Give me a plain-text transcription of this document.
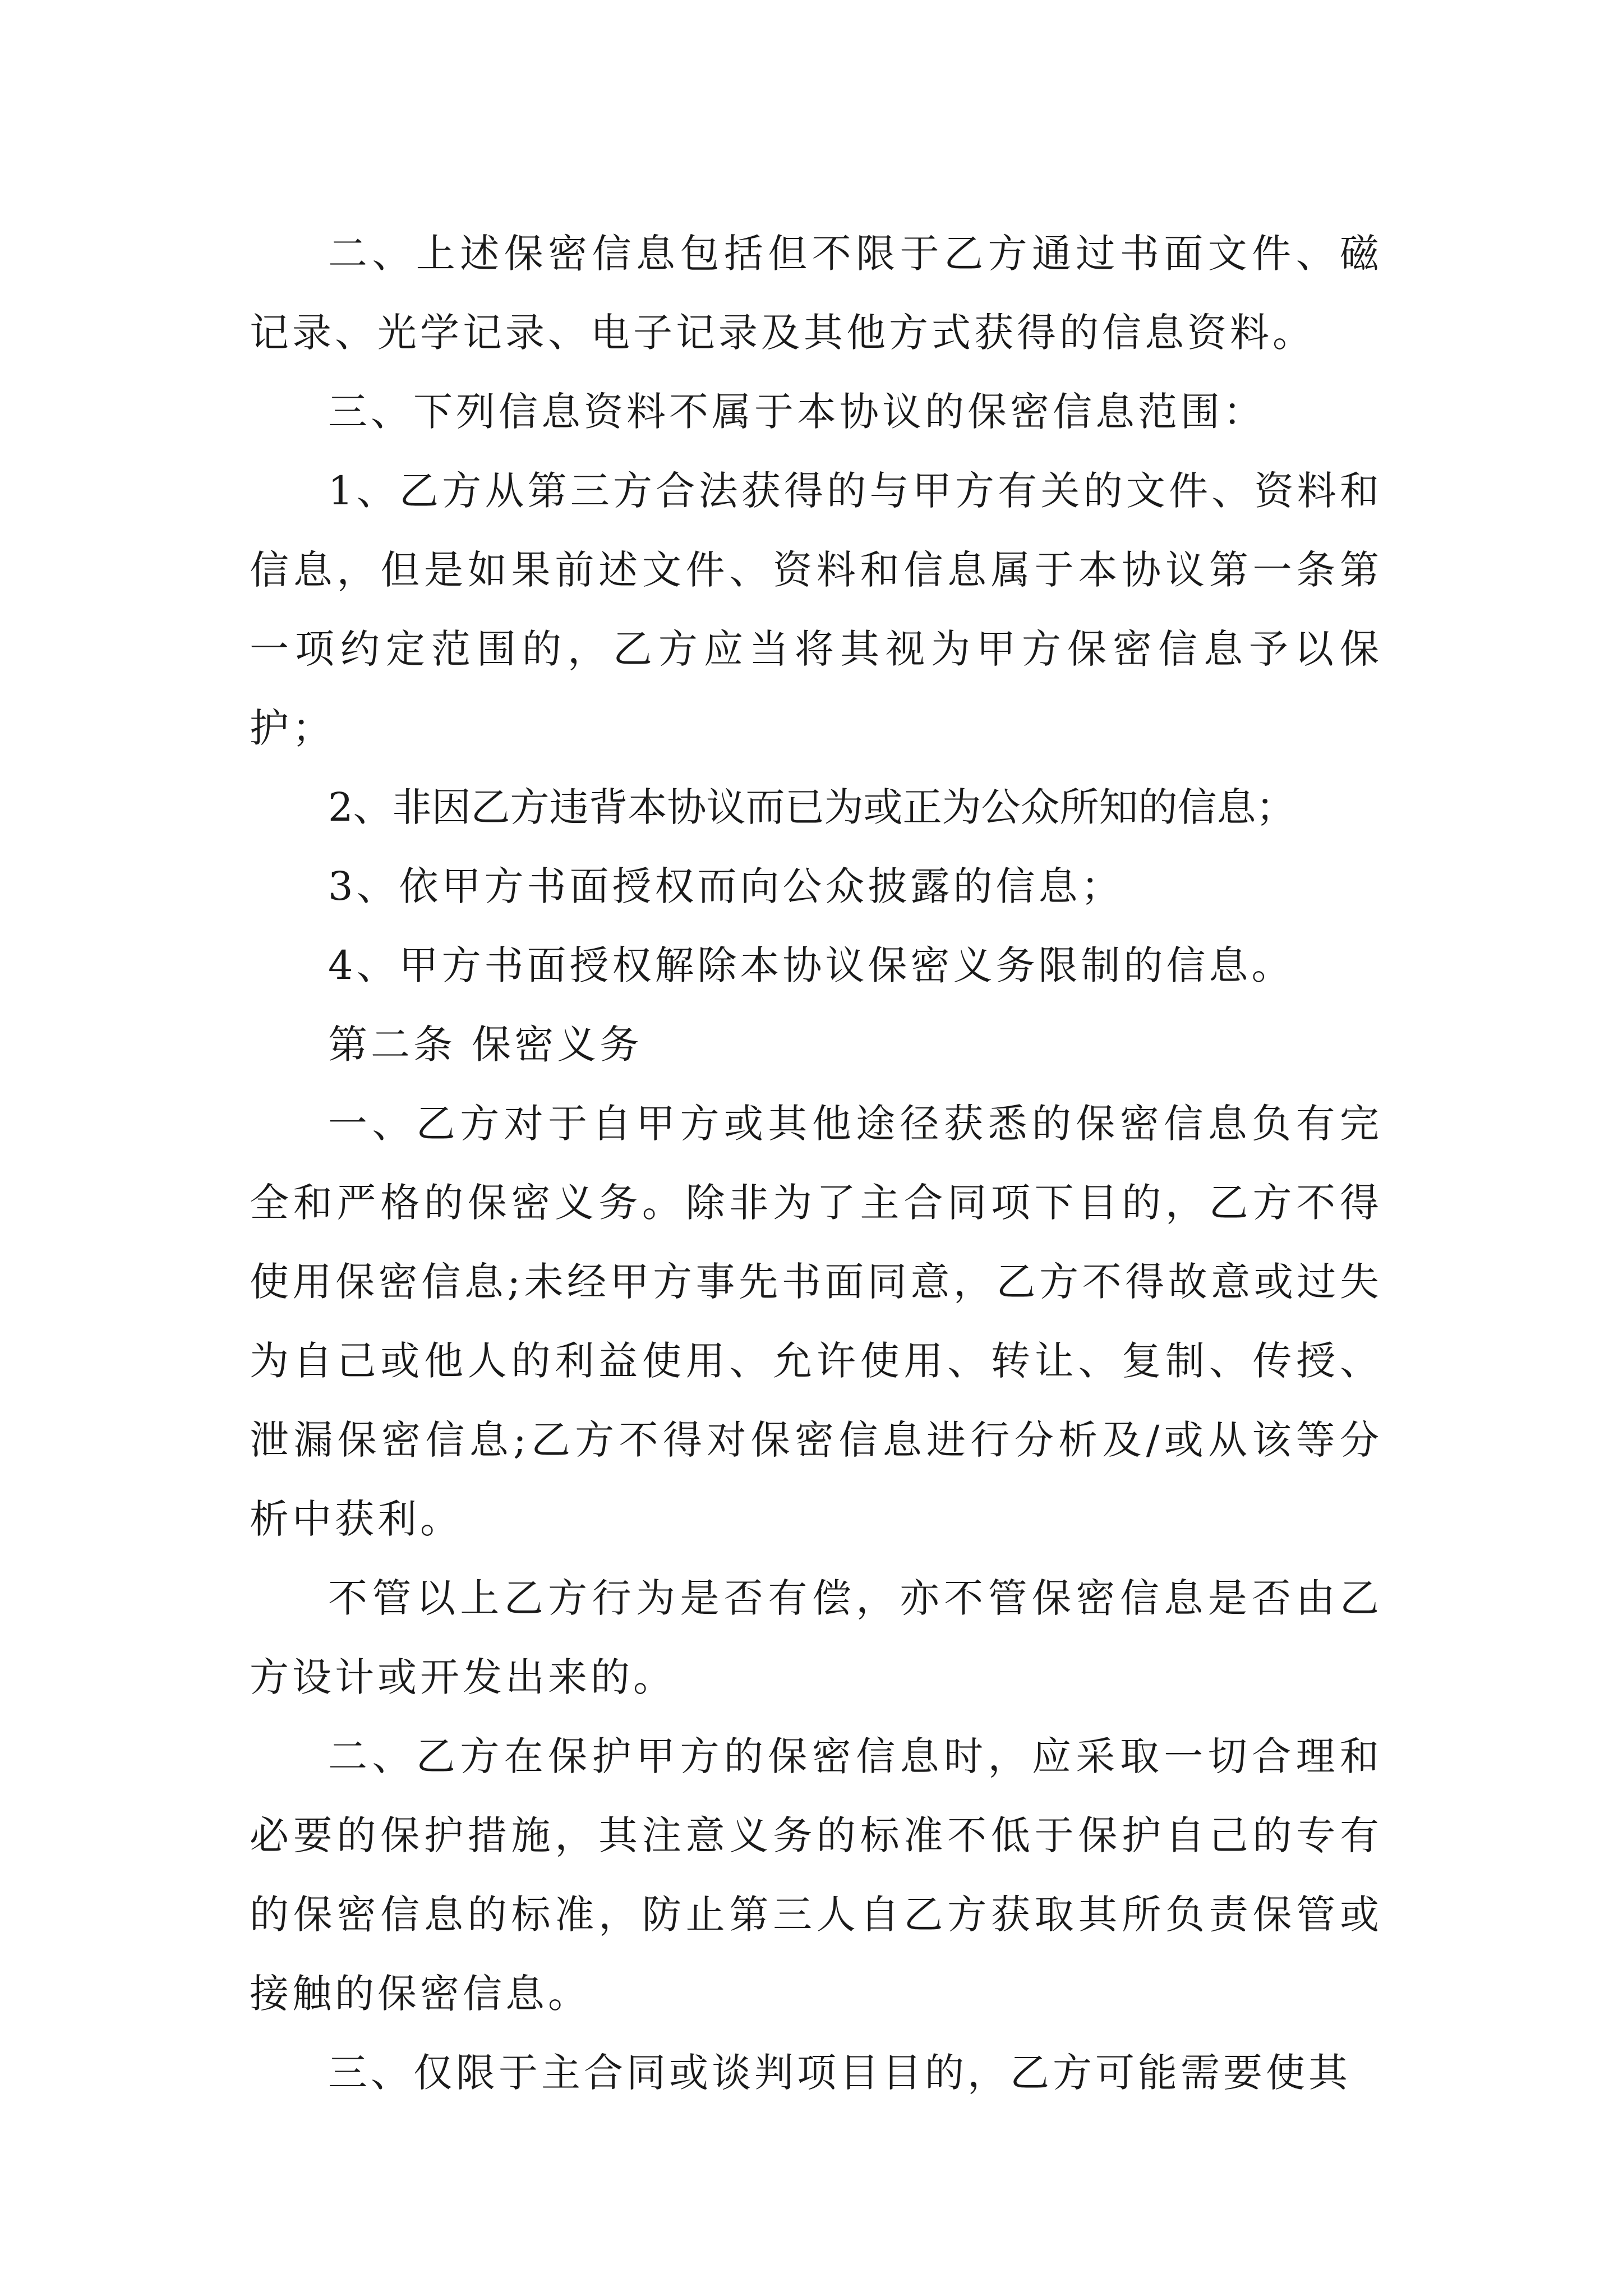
二、上述保密信息包括但不限于乙方通过书面文件、磁记录、光学记录、电子记录及其他方式获得的信息资料。

三、下列信息资料不属于本协议的保密信息范围：

1、乙方从第三方合法获得的与甲方有关的文件、资料和信息，但是如果前述文件、资料和信息属于本协议第一条第一项约定范围的，乙方应当将其视为甲方保密信息予以保护；

2、非因乙方违背本协议而已为或正为公众所知的信息；

3、依甲方书面授权而向公众披露的信息；

4、甲方书面授权解除本协议保密义务限制的信息。

第二条 保密义务

一、乙方对于自甲方或其他途径获悉的保密信息负有完全和严格的保密义务。除非为了主合同项下目的，乙方不得使用保密信息;未经甲方事先书面同意，乙方不得故意或过失为自己或他人的利益使用、允许使用、转让、复制、传授、泄漏保密信息;乙方不得对保密信息进行分析及/或从该等分析中获利。

不管以上乙方行为是否有偿，亦不管保密信息是否由乙方设计或开发出来的。

二、乙方在保护甲方的保密信息时，应采取一切合理和必要的保护措施，其注意义务的标准不低于保护自己的专有的保密信息的标准，防止第三人自乙方获取其所负责保管或接触的保密信息。

三、仅限于主合同或谈判项目目的，乙方可能需要使其
